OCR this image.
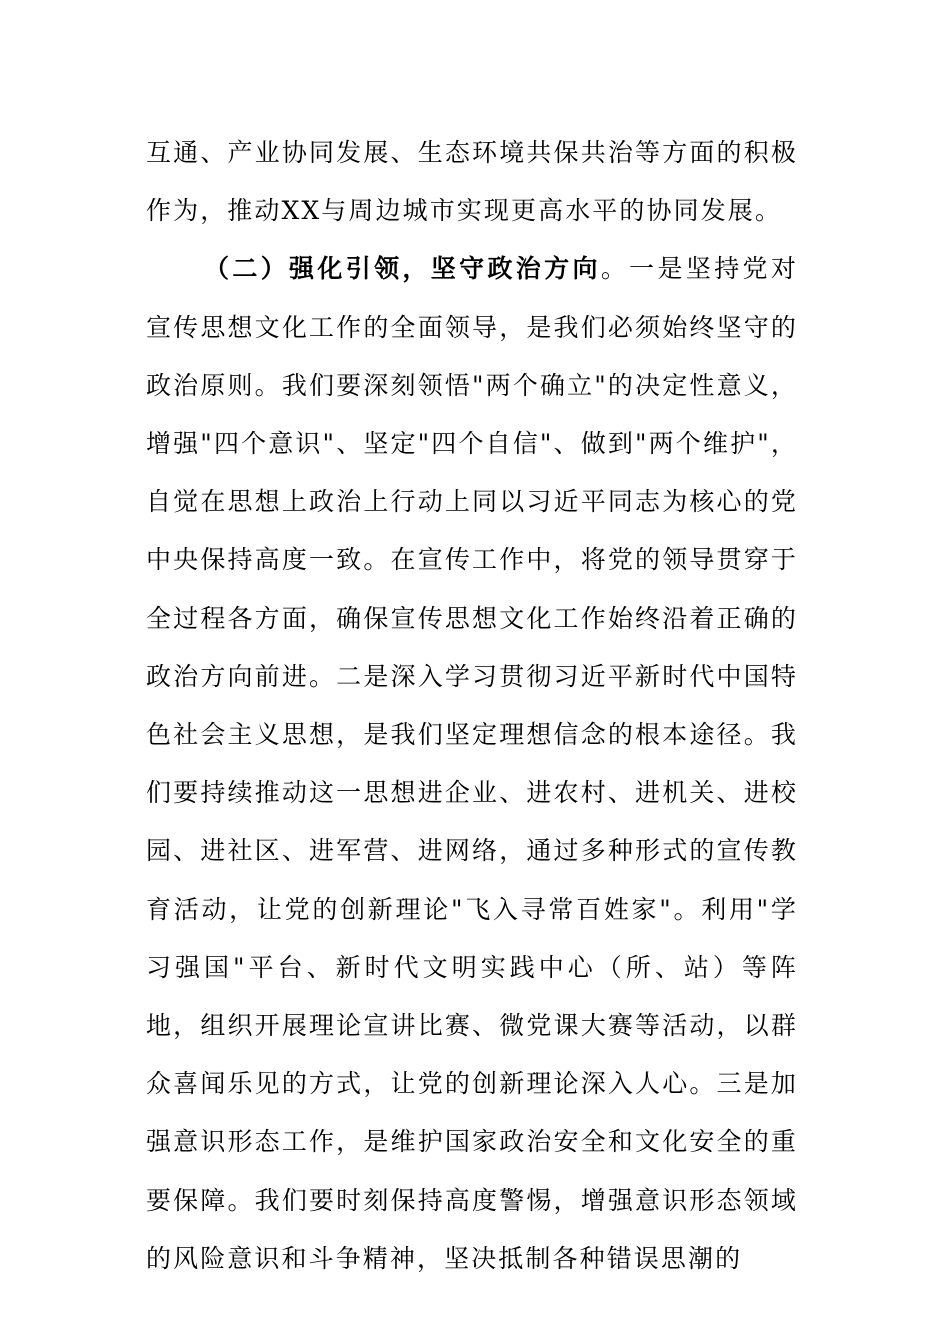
互通、产业协同发展、生态环境共保共治等方面的积极作为，推动XX与周边城市实现更高水平的协同发展。

（二）强化引领，坚守政治方向。一是坚持党对宣传思想文化工作的全面领导，是我们必须始终坚守的政治原则。我们要深刻领悟"两个确立"的决定性意义，增强"四个意识"、坚定"四个自信"、做到"两个维护"，自觉在思想上政治上行动上同以习近平同志为核心的党中央保持高度一致。在宣传工作中，将党的领导贯穿于全过程各方面，确保宣传思想文化工作始终沿着正确的政治方向前进。二是深入学习贯彻习近平新时代中国特色社会主义思想，是我们坚定理想信念的根本途径。我们要持续推动这一思想进企业、进农村、进机关、进校园、进社区、进军营、进网络，通过多种形式的宣传教育活动，让党的创新理论"飞入寻常百姓家"。利用"学习强国"平台、新时代文明实践中心（所、站）等阵地，组织开展理论宣讲比赛、微党课大赛等活动，以群众喜闻乐见的方式，让党的创新理论深入人心。三是加强意识形态工作，是维护国家政治安全和文化安全的重要保障。我们要时刻保持高度警惕，增强意识形态领域的风险意识和斗争精神，坚决抵制各种错误思潮的
